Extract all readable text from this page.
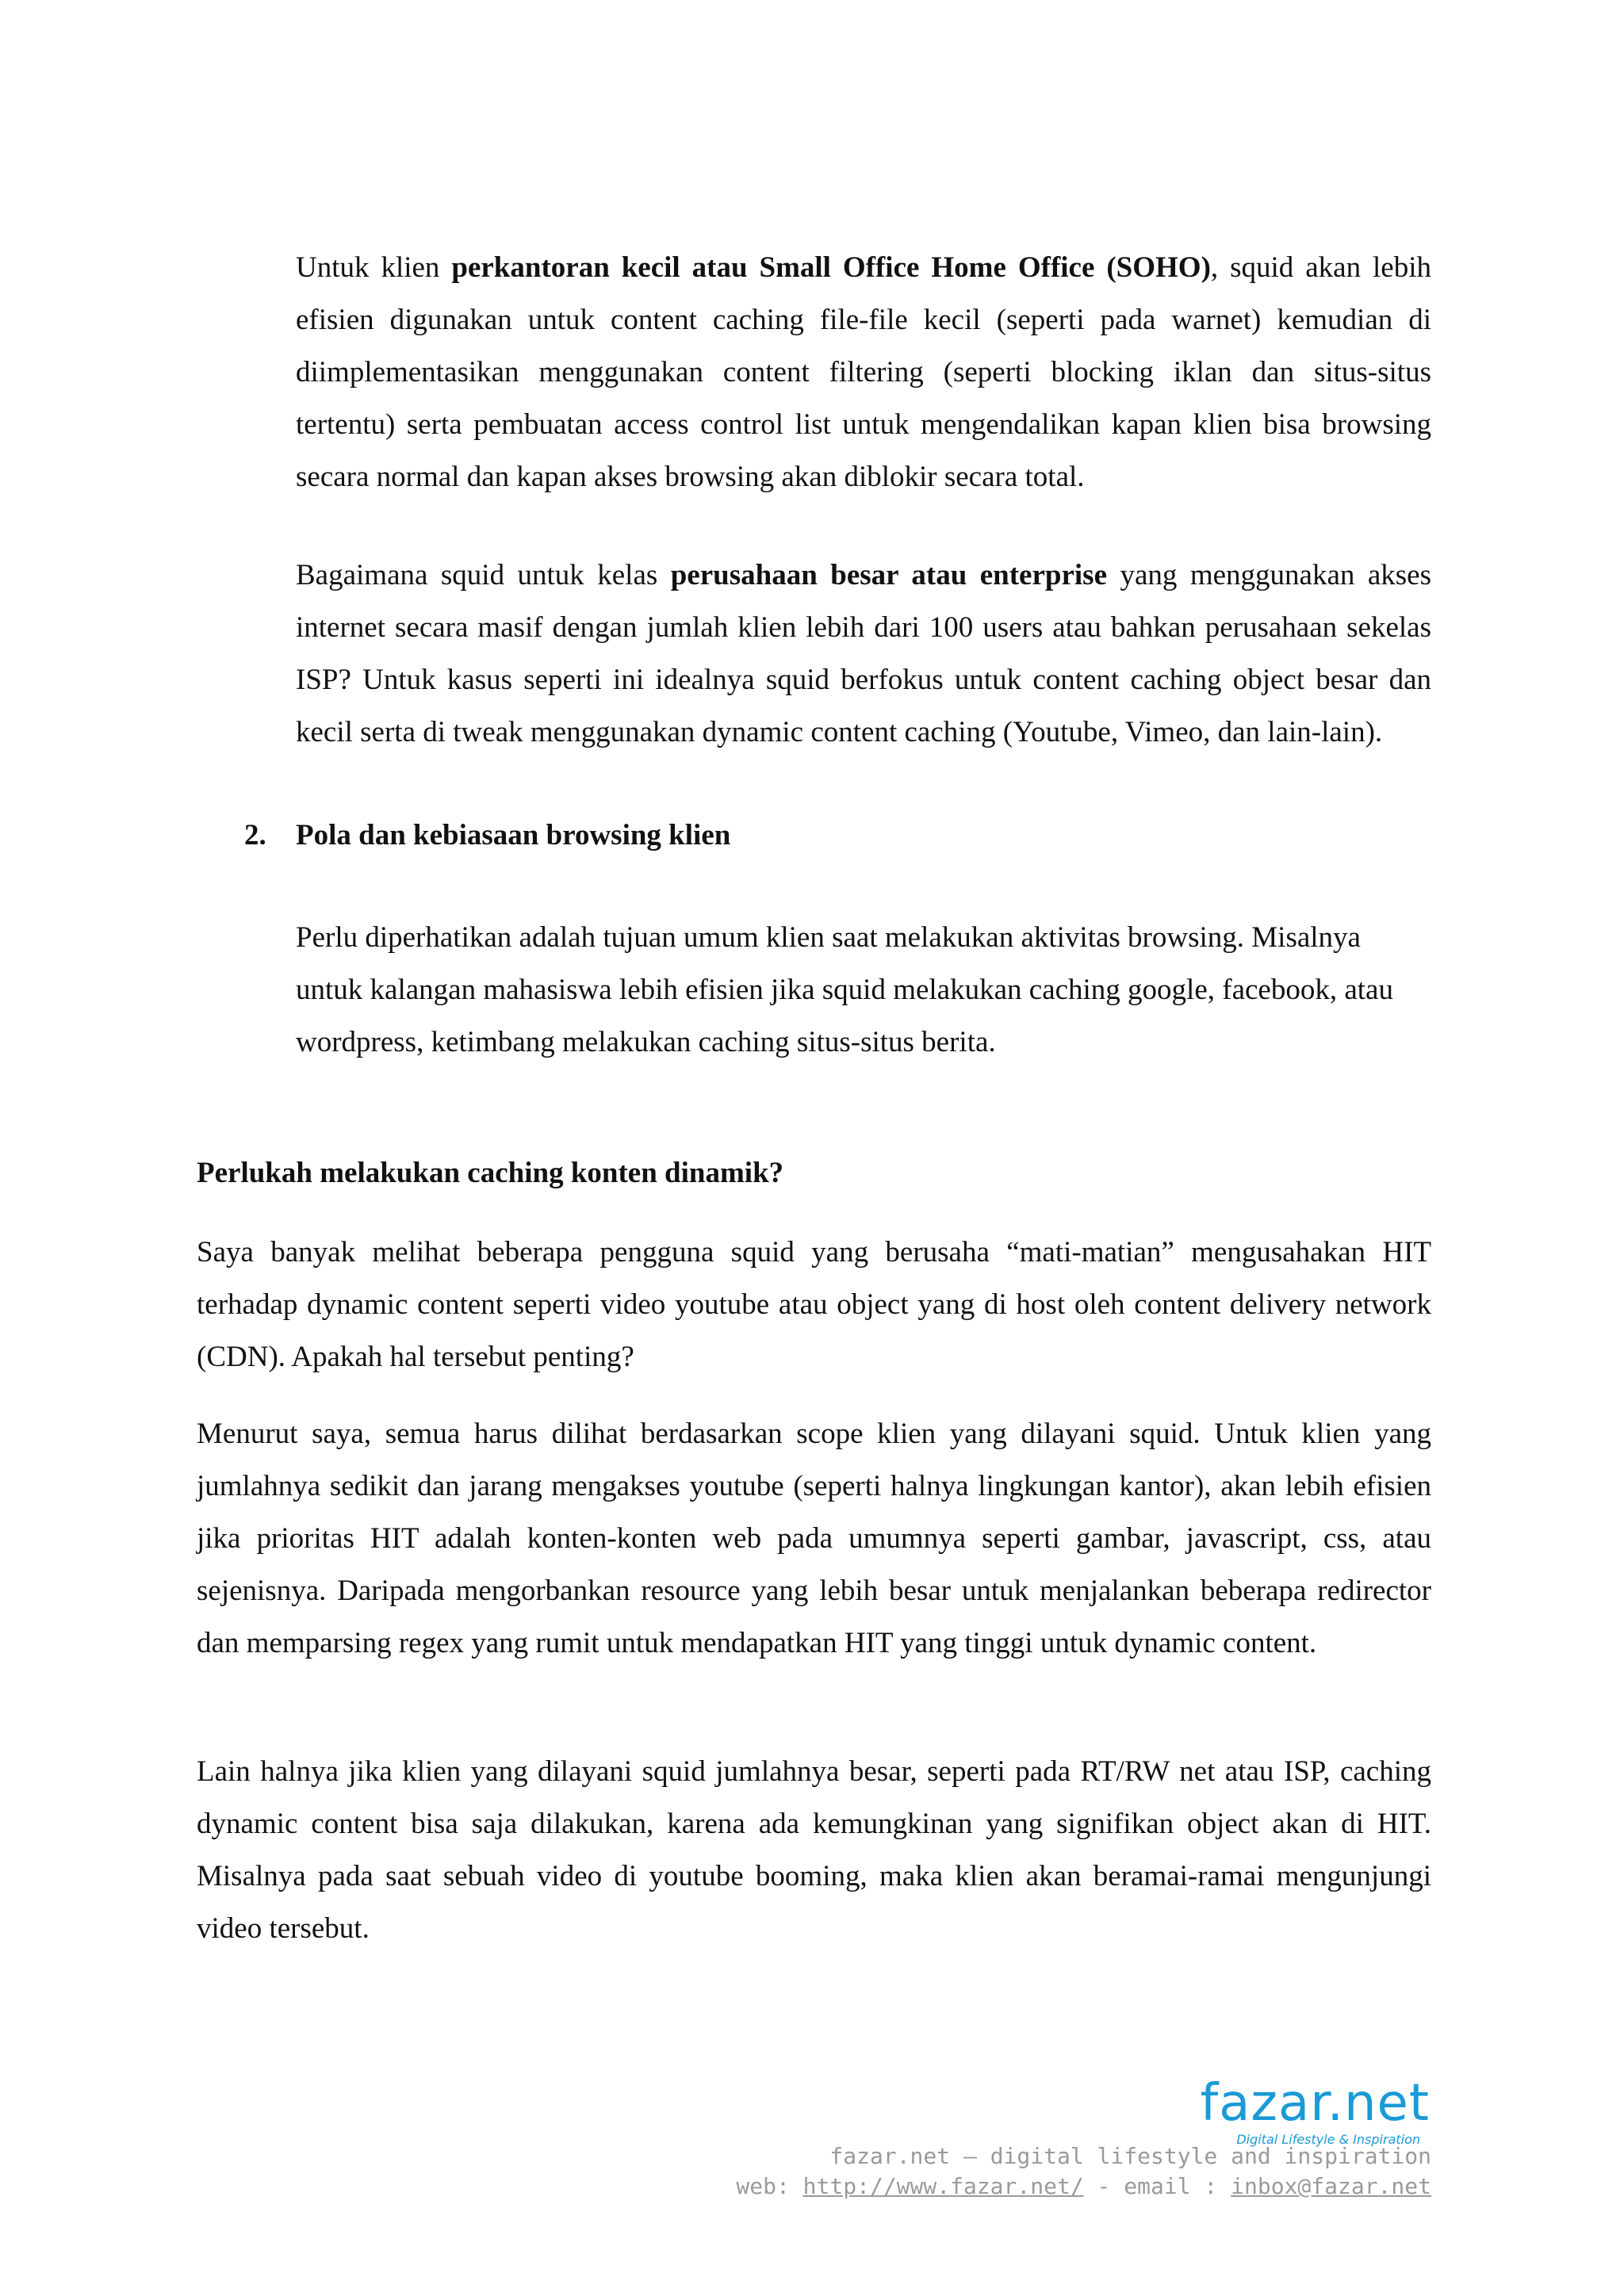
Untuk klien perkantoran kecil atau Small Office Home Office (SOHO), squid akan lebih efisien digunakan untuk content caching file-file kecil (seperti pada warnet) kemudian di diimplementasikan menggunakan content filtering (seperti blocking iklan dan situs-situs tertentu) serta pembuatan access control list untuk mengendalikan kapan klien bisa browsing secara normal dan kapan akses browsing akan diblokir secara total.
Bagaimana squid untuk kelas perusahaan besar atau enterprise yang menggunakan akses internet secara masif dengan jumlah klien lebih dari 100 users atau bahkan perusahaan sekelas ISP? Untuk kasus seperti ini idealnya squid berfokus untuk content caching object besar dan kecil serta di tweak menggunakan dynamic content caching (Youtube, Vimeo, dan lain-lain).
2. Pola dan kebiasaan browsing klien
Perlu diperhatikan adalah tujuan umum klien saat melakukan aktivitas browsing. Misalnya untuk kalangan mahasiswa lebih efisien jika squid melakukan caching google, facebook, atau wordpress, ketimbang melakukan caching situs-situs berita.
Perlukah melakukan caching konten dinamik?
Saya banyak melihat beberapa pengguna squid yang berusaha “mati-matian” mengusahakan HIT terhadap dynamic content seperti video youtube atau object yang di host oleh content delivery network (CDN). Apakah hal tersebut penting?
Menurut saya, semua harus dilihat berdasarkan scope klien yang dilayani squid. Untuk klien yang jumlahnya sedikit dan jarang mengakses youtube (seperti halnya lingkungan kantor), akan lebih efisien jika prioritas HIT adalah konten-konten web pada umumnya seperti gambar, javascript, css, atau sejenisnya. Daripada mengorbankan resource yang lebih besar untuk menjalankan beberapa redirector dan memparsing regex yang rumit untuk mendapatkan HIT yang tinggi untuk dynamic content.
Lain halnya jika klien yang dilayani squid jumlahnya besar, seperti pada RT/RW net atau ISP, caching dynamic content bisa saja dilakukan, karena ada kemungkinan yang signifikan object akan di HIT. Misalnya pada saat sebuah video di youtube booming, maka klien akan beramai-ramai mengunjungi video tersebut.
fazar.net
Digital Lifestyle & Inspiration
fazar.net – digital lifestyle and inspiration
web: http://www.fazar.net/ - email : inbox@fazar.net
